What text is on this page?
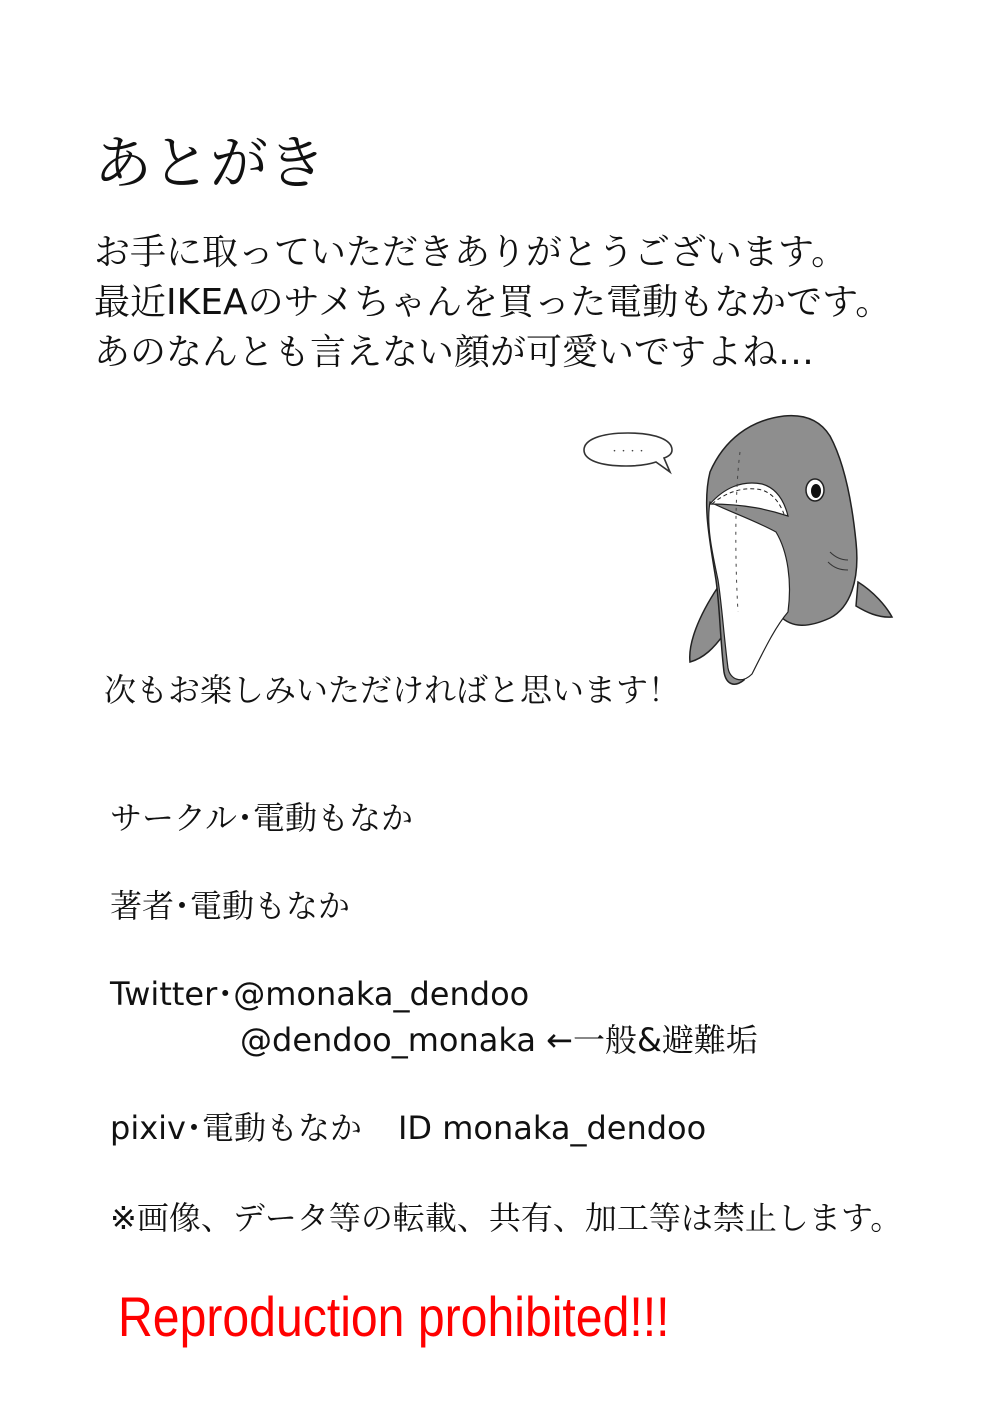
あとがき
お手に取っていただきありがとうございます。
最近IKEAのサメちゃんを買った電動もなかです。
あのなんとも言えない顔が可愛いですよね…
・・・・
次もお楽しみいただければと思います！
サークル･電動もなか
著者･電動もなか
Twitter･@monaka_dendoo
@dendoo_monaka ←一般&避難垢
pixiv･電動もなか ID monaka_dendoo
※画像、データ等の転載、共有、加工等は禁止します。
Reproduction prohibited!!!
